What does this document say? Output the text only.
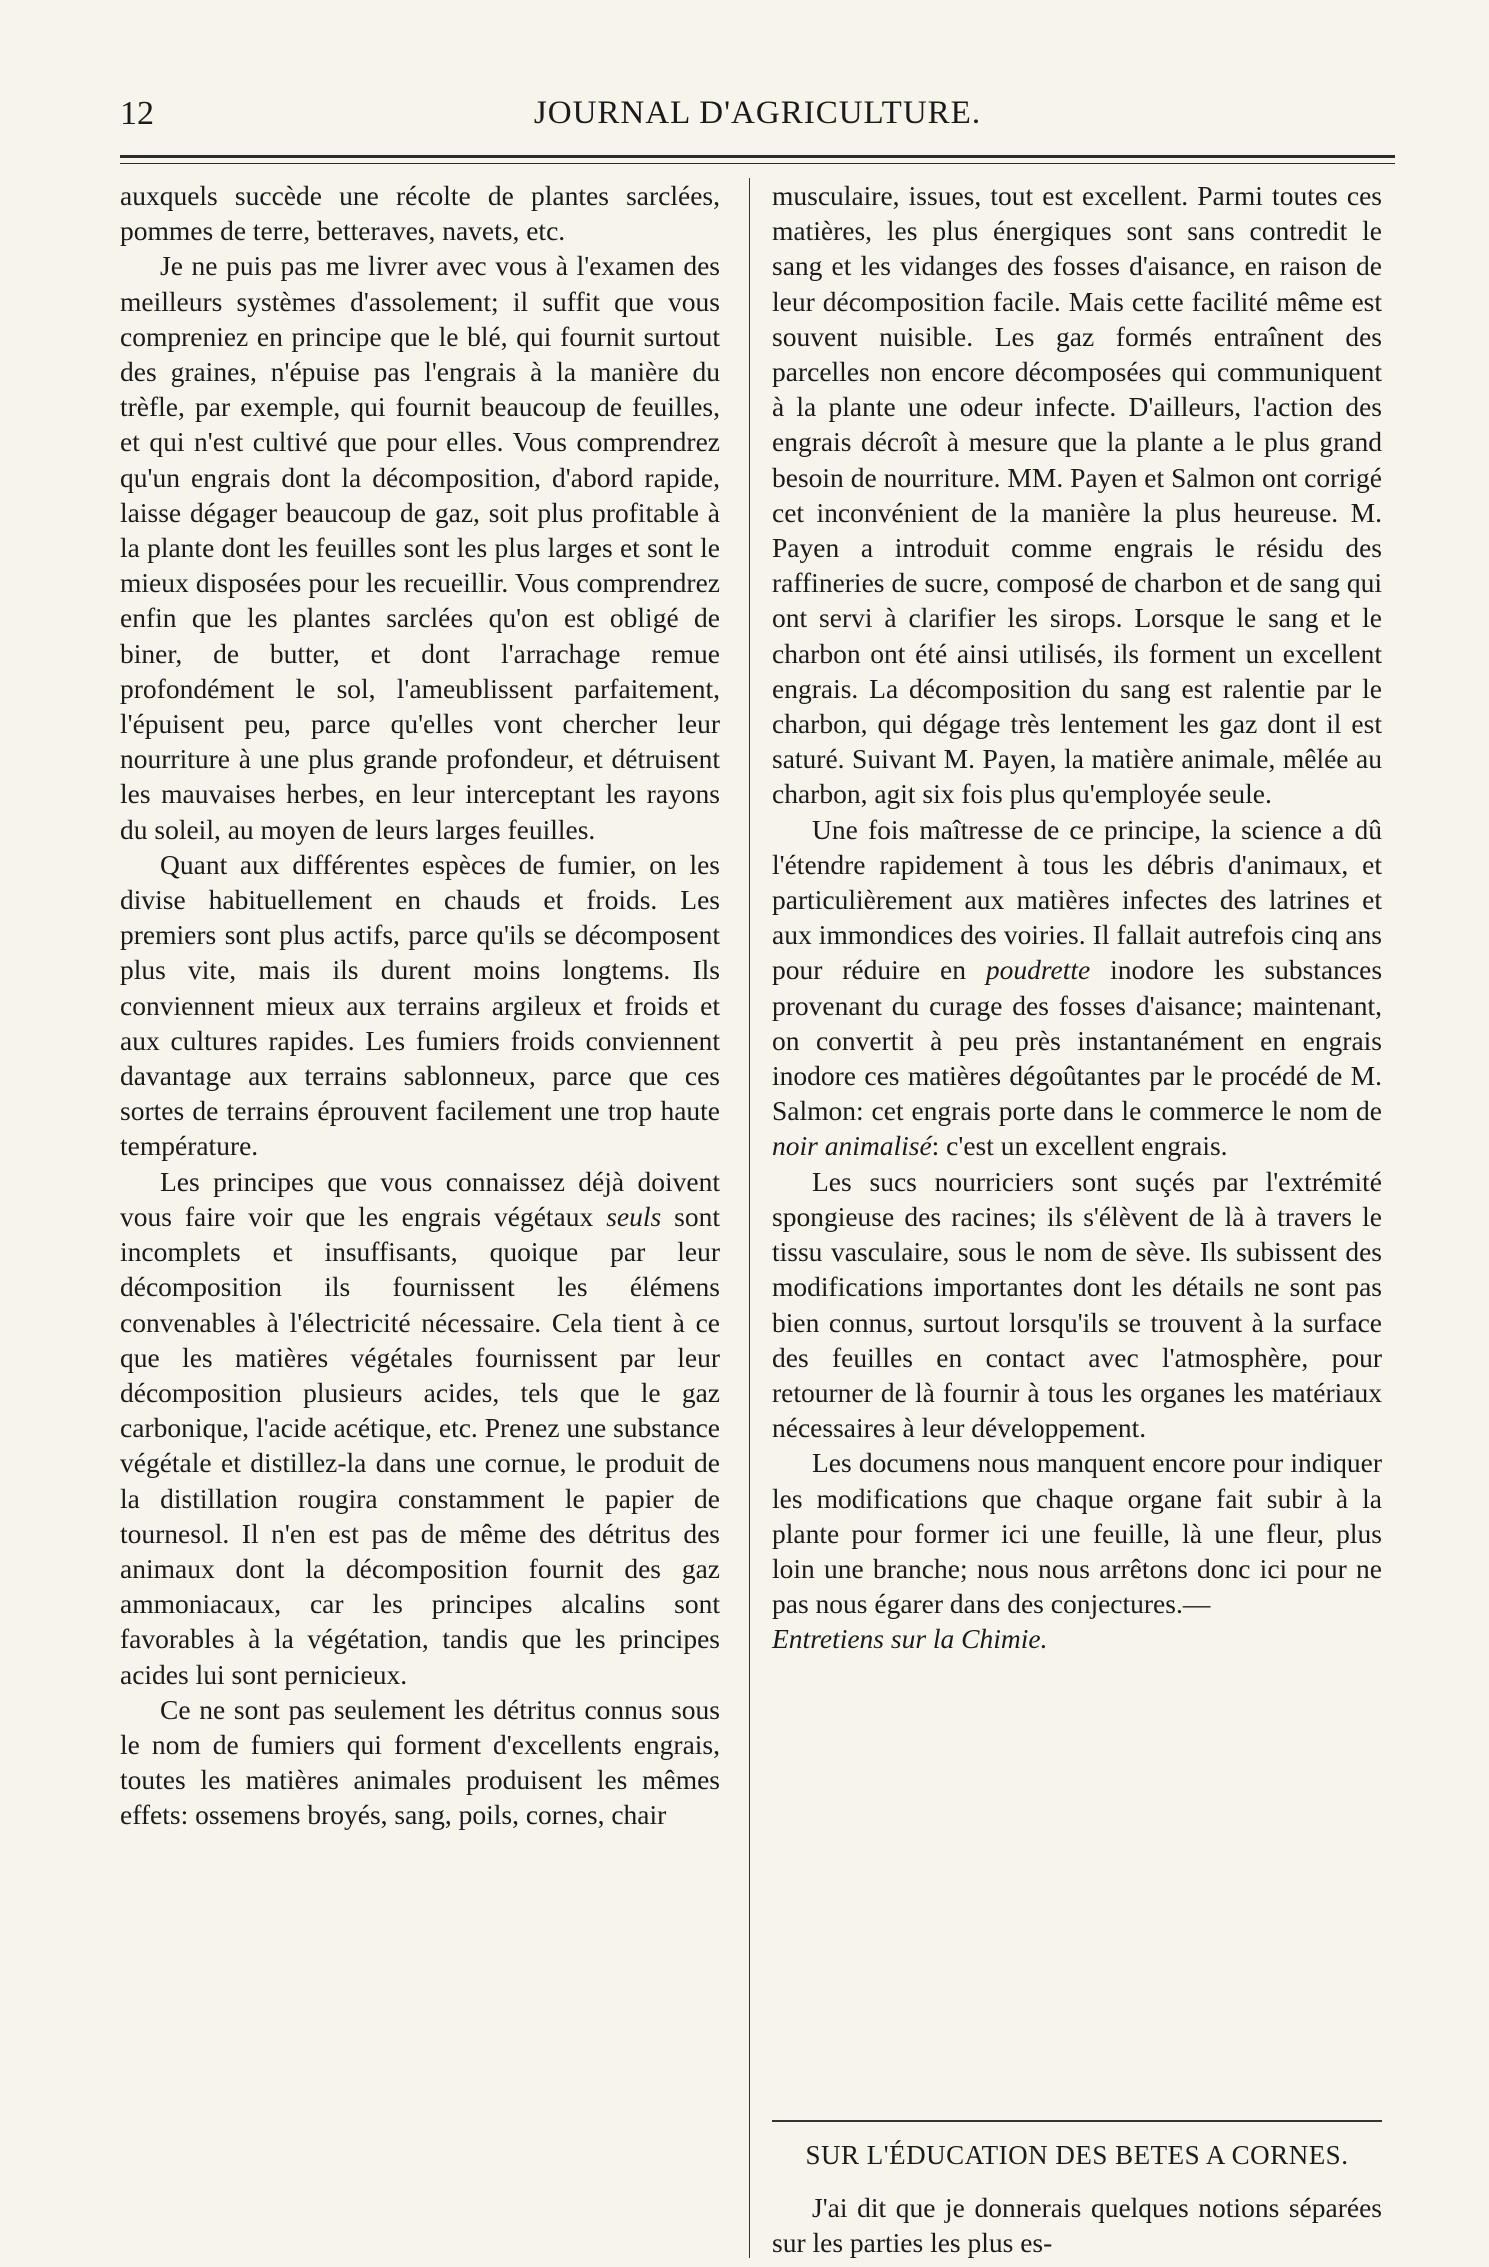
12	JOURNAL D'AGRICULTURE.

auxquels succède une récolte de plantes sarclées, pommes de terre, betteraves, navets, etc.

Je ne puis pas me livrer avec vous à l'examen des meilleurs systèmes d'assolement; il suffit que vous compreniez en principe que le blé, qui fournit surtout des graines, n'épuise pas l'engrais à la manière du trèfle, par exemple, qui fournit beaucoup de feuilles, et qui n'est cultivé que pour elles. Vous comprendrez qu'un engrais dont la décomposition, d'abord rapide, laisse dégager beaucoup de gaz, soit plus profitable à la plante dont les feuilles sont les plus larges et sont le mieux disposées pour les recueillir. Vous comprendrez enfin que les plantes sarclées qu'on est obligé de biner, de butter, et dont l'arrachage remue profondément le sol, l'ameublissent parfaitement, l'épuisent peu, parce qu'elles vont chercher leur nourriture à une plus grande profondeur, et détruisent les mauvaises herbes, en leur interceptant les rayons du soleil, au moyen de leurs larges feuilles.

Quant aux différentes espèces de fumier, on les divise habituellement en chauds et froids. Les premiers sont plus actifs, parce qu'ils se décomposent plus vite, mais ils durent moins longtems. Ils conviennent mieux aux terrains argileux et froids et aux cultures rapides. Les fumiers froids conviennent davantage aux terrains sablonneux, parce que ces sortes de terrains éprouvent facilement une trop haute température.

Les principes que vous connaissez déjà doivent vous faire voir que les engrais végétaux seuls sont incomplets et insuffisants, quoique par leur décomposition ils fournissent les élémens convenables à l'électricité nécessaire. Cela tient à ce que les matières végétales fournissent par leur décomposition plusieurs acides, tels que le gaz carbonique, l'acide acétique, etc. Prenez une substance végétale et distillez-la dans une cornue, le produit de la distillation rougira constamment le papier de tournesol. Il n'en est pas de même des détritus des animaux dont la décomposition fournit des gaz ammoniacaux, car les principes alcalins sont favorables à la végétation, tandis que les principes acides lui sont pernicieux.

Ce ne sont pas seulement les détritus connus sous le nom de fumiers qui forment d'excellents engrais, toutes les matières animales produisent les mêmes effets: ossemens broyés, sang, poils, cornes, chair

musculaire, issues, tout est excellent. Parmi toutes ces matières, les plus énergiques sont sans contredit le sang et les vidanges des fosses d'aisance, en raison de leur décomposition facile. Mais cette facilité même est souvent nuisible. Les gaz formés entraînent des parcelles non encore décomposées qui communiquent à la plante une odeur infecte. D'ailleurs, l'action des engrais décroît à mesure que la plante a le plus grand besoin de nourriture. MM. Payen et Salmon ont corrigé cet inconvénient de la manière la plus heureuse. M. Payen a introduit comme engrais le résidu des raffineries de sucre, composé de charbon et de sang qui ont servi à clarifier les sirops. Lorsque le sang et le charbon ont été ainsi utilisés, ils forment un excellent engrais. La décomposition du sang est ralentie par le charbon, qui dégage très lentement les gaz dont il est saturé. Suivant M. Payen, la matière animale, mêlée au charbon, agit six fois plus qu'employée seule.

Une fois maîtresse de ce principe, la science a dû l'étendre rapidement à tous les débris d'animaux, et particulièrement aux matières infectes des latrines et aux immondices des voiries. Il fallait autrefois cinq ans pour réduire en poudrette inodore les substances provenant du curage des fosses d'aisance; maintenant, on convertit à peu près instantanément en engrais inodore ces matières dégoûtantes par le procédé de M. Salmon: cet engrais porte dans le commerce le nom de noir animalisé: c'est un excellent engrais.

Les sucs nourriciers sont suçés par l'extrémité spongieuse des racines; ils s'élèvent de là à travers le tissu vasculaire, sous le nom de sève. Ils subissent des modifications importantes dont les détails ne sont pas bien connus, surtout lorsqu'ils se trouvent à la surface des feuilles en contact avec l'atmosphère, pour retourner de là fournir à tous les organes les matériaux nécessaires à leur développement.

Les documens nous manquent encore pour indiquer les modifications que chaque organe fait subir à la plante pour former ici une feuille, là une fleur, plus loin une branche; nous nous arrêtons donc ici pour ne pas nous égarer dans des conjectures.—

Entretiens sur la Chimie.
SUR L'ÉDUCATION DES BETES A CORNES.

J'ai dit que je donnerais quelques notions séparées sur les parties les plus es-
